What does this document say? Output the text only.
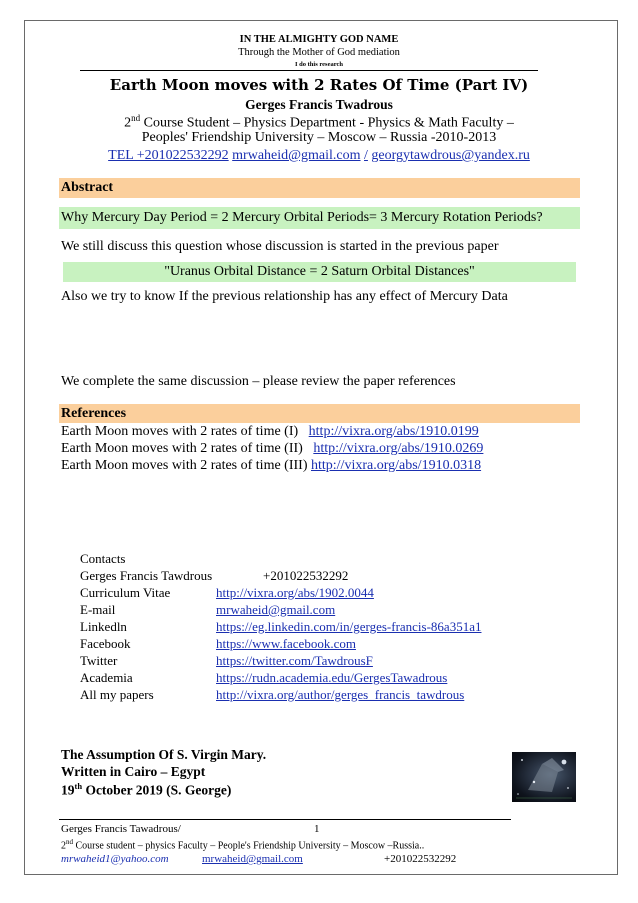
IN THE ALMIGHTY GOD NAME
Through the Mother of God mediation
I do this research
Earth Moon moves with 2 Rates Of Time (Part IV)
Gerges Francis Twadrous
2nd Course Student – Physics Department - Physics & Math Faculty –
Peoples' Friendship University – Moscow – Russia -2010-2013
TEL +201022532292 mrwaheid@gmail.com / georgytawdrous@yandex.ru
Abstract
Why Mercury Day Period = 2 Mercury Orbital Periods= 3 Mercury Rotation Periods?
We still discuss this question whose discussion is started in the previous paper
"Uranus Orbital Distance = 2 Saturn Orbital Distances"
Also we try to know If the previous relationship has any effect of Mercury Data
We complete the same discussion – please review the paper references
References
Earth Moon moves with 2 rates of time (I) http://vixra.org/abs/1910.0199
Earth Moon moves with 2 rates of time (II) http://vixra.org/abs/1910.0269
Earth Moon moves with 2 rates of time (III) http://vixra.org/abs/1910.0318
Contacts
Gerges Francis Tawdrous	+201022532292
Curriculum Vitae	http://vixra.org/abs/1902.0044
E-mail	mrwaheid@gmail.com
Linkedln	https://eg.linkedin.com/in/gerges-francis-86a351a1
Facebook	https://www.facebook.com
Twitter	https://twitter.com/TawdrousF
Academia	https://rudn.academia.edu/GergesTawadrous
All my papers	http://vixra.org/author/gerges_francis_tawdrous
The Assumption Of S. Virgin Mary.
Written in Cairo – Egypt
19th October 2019 (S. George)
Gerges Francis Tawadrous/	1
2nd Course student – physics Faculty – People's Friendship University – Moscow –Russia..
mrwaheid1@yahoo.com	mrwaheid@gmail.com	+201022532292
